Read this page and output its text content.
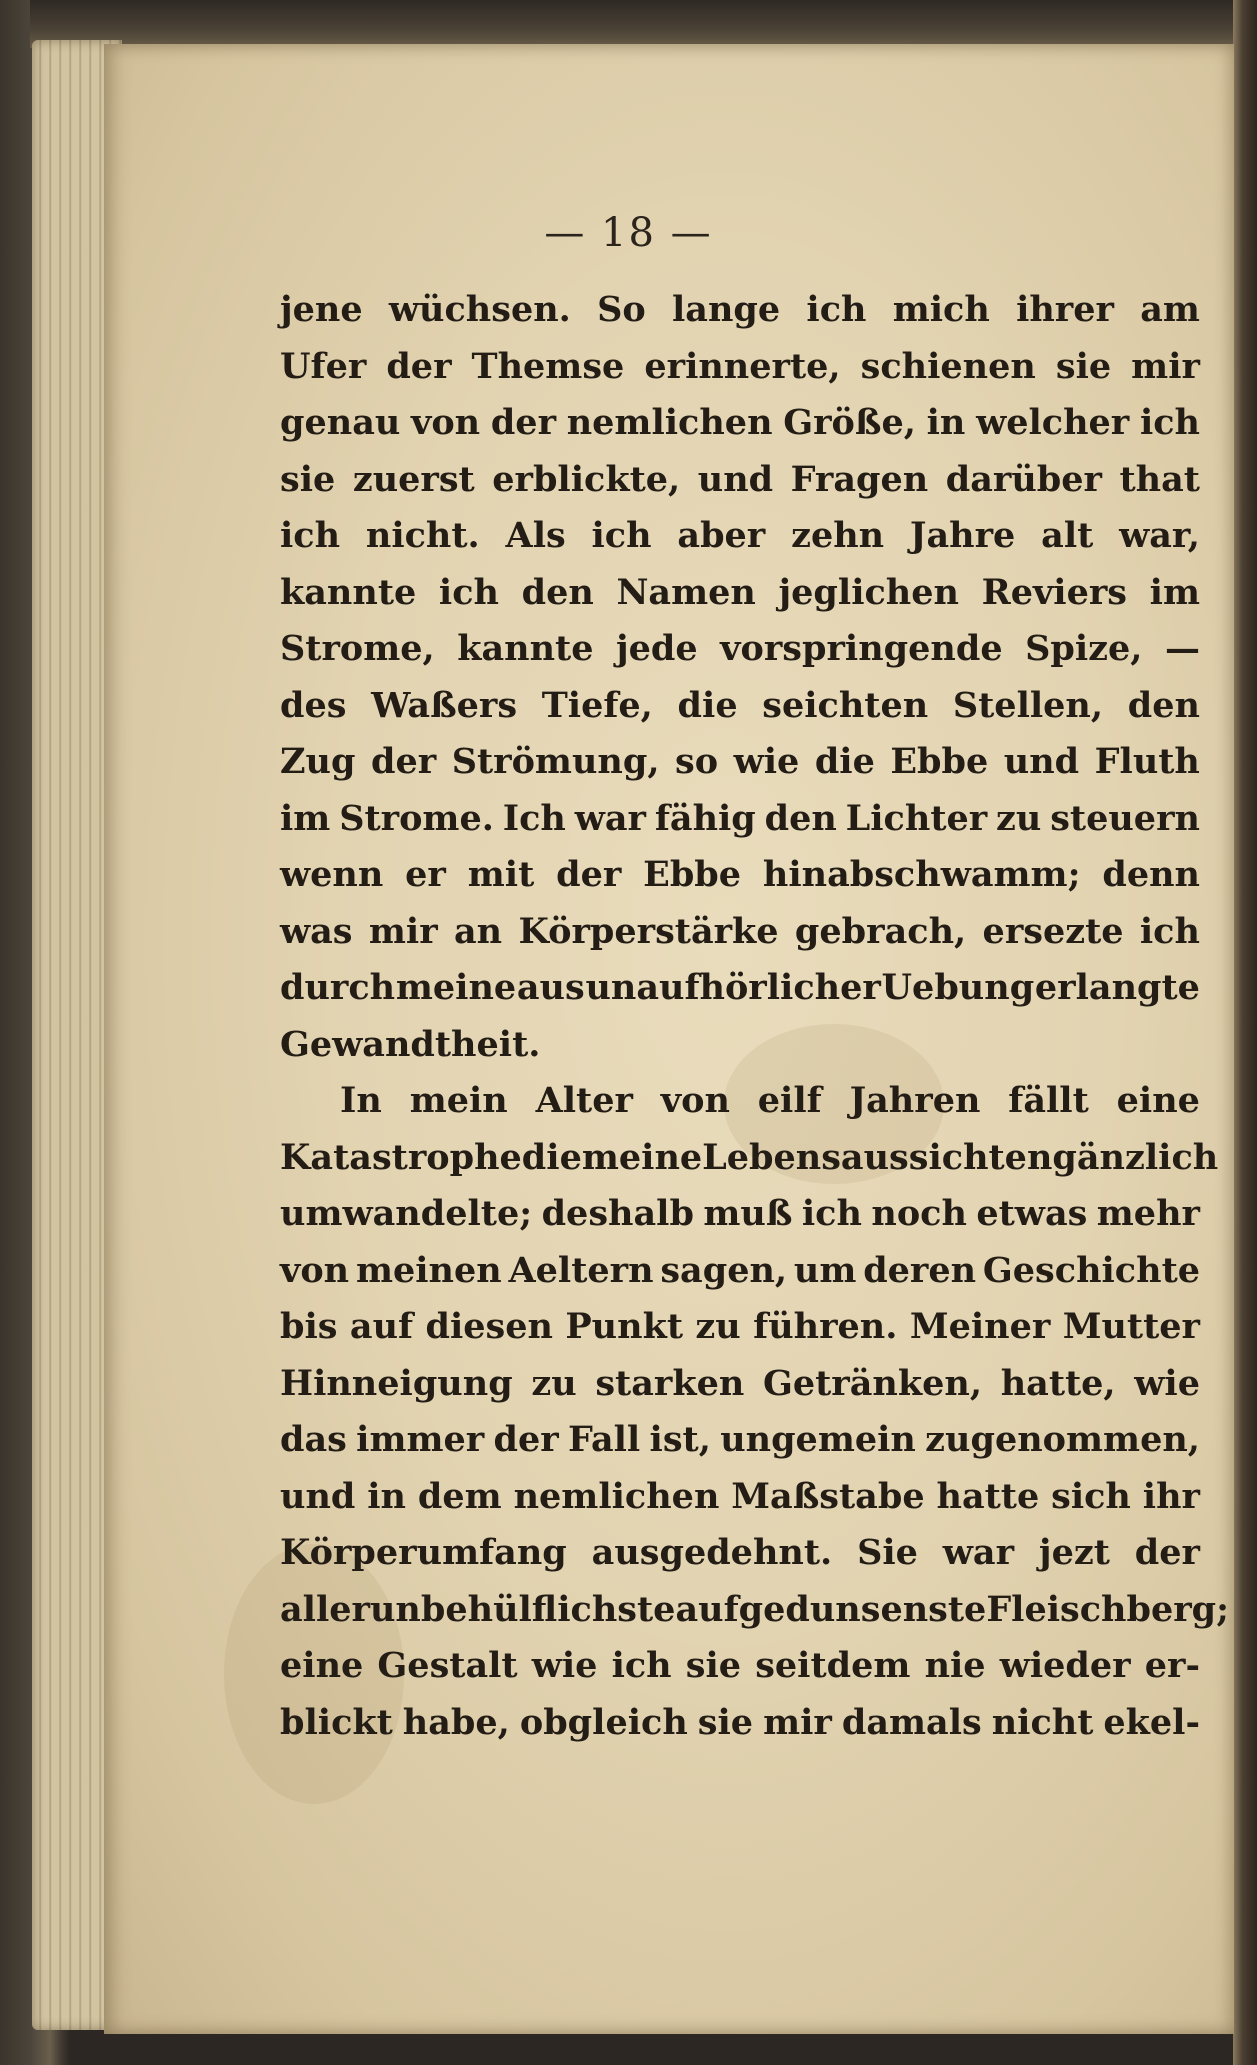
— 18 —
jene wüchsen. So lange ich mich ihrer am
Ufer der Themse erinnerte, schienen sie mir
genau von der nemlichen Größe, in welcher ich
sie zuerst erblickte, und Fragen darüber that
ich nicht. Als ich aber zehn Jahre alt war,
kannte ich den Namen jeglichen Reviers im
Strome, kannte jede vorspringende Spize, —
des Waßers Tiefe, die seichten Stellen, den
Zug der Strömung, so wie die Ebbe und Fluth
im Strome. Ich war fähig den Lichter zu steuern
wenn er mit der Ebbe hinabschwamm; denn
was mir an Körperstärke gebrach, ersezte ich
durch meine aus unaufhörlicher Uebung erlangte
Gewandtheit.
In mein Alter von eilf Jahren fällt eine
Katastrophe die meine Lebensaussichten gänzlich
umwandelte; deshalb muß ich noch etwas mehr
von meinen Aeltern sagen, um deren Geschichte
bis auf diesen Punkt zu führen. Meiner Mutter
Hinneigung zu starken Getränken, hatte, wie
das immer der Fall ist, ungemein zugenommen,
und in dem nemlichen Maßstabe hatte sich ihr
Körperumfang ausgedehnt. Sie war jezt der
aller unbehülflichste aufgedunsenste Fleischberg;
eine Gestalt wie ich sie seitdem nie wieder er-
blickt habe, obgleich sie mir damals nicht ekel-
